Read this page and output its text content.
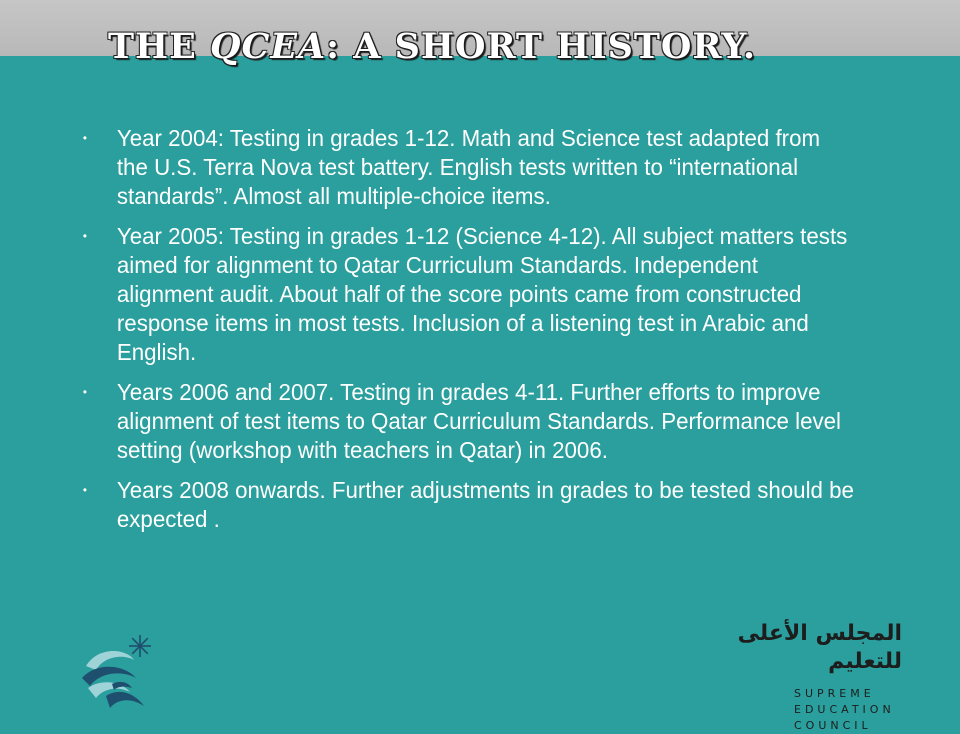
THE QCEA: A SHORT HISTORY.
• Year 2004: Testing in grades 1-12. Math and Science test adapted from the U.S. Terra Nova test battery. English tests written to “international standards”. Almost all multiple-choice items.
• Year 2005: Testing in grades 1-12 (Science 4-12). All subject matters tests aimed for alignment to Qatar Curriculum Standards. Independent alignment audit. About half of the score points came from constructed response items in most tests. Inclusion of a listening test in Arabic and English.
• Years 2006 and 2007. Testing in grades 4-11. Further efforts to improve alignment of test items to Qatar Curriculum Standards. Performance level setting (workshop with teachers in Qatar) in 2006.
• Years 2008 onwards. Further adjustments in grades to be tested should be expected .
المجلس الأعلى للتعليم
SUPREME
EDUCATION
COUNCIL
